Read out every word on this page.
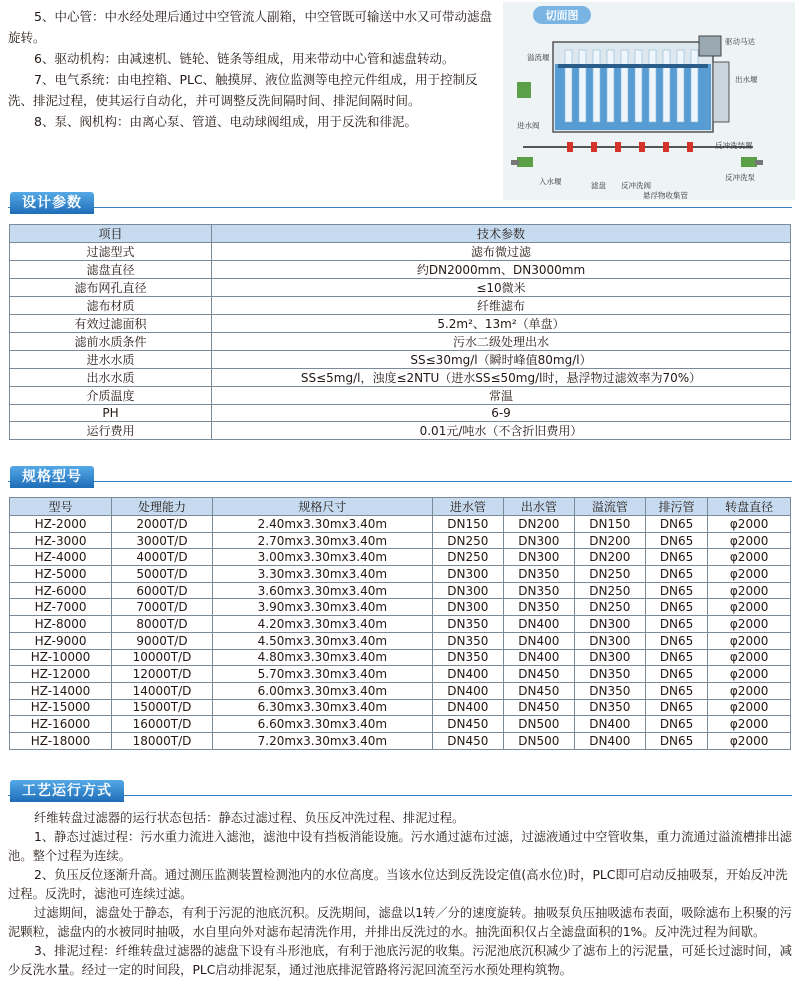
5、中心管：中水经处理后通过中空管流人副箱，中空管既可输送中水又可带动滤盘旋转。

6、驱动机构：由减速机、链轮、链条等组成，用来带动中心管和滤盘转动。

7、电气系统：由电控箱、PLC、触摸屏、液位监测等电控元件组成，用于控制反洗、排泥过程，使其运行自动化，并可调整反洗间隔时间、排泥间隔时间。

8、泵、阀机构：由离心泵、管道、电动球阀组成，用于反洗和徘泥。

切面图
溢流堰
驱动马达
进水阀
出水堰
反冲洗装置
入水堰	滤盘 反冲洗阀
反冲洗泵
悬浮物收集管
设计参数
项目	技术参数
过滤型式	滤布微过滤
滤盘直径	约DN2000mm、DN3000mm
滤布网孔直径	≤10微米
滤布材质	纤维滤布
有效过滤面积	5.2m²、13m²（单盘）
滤前水质条件	污水二级处理出水
进水水质	SS≤30mg/l（瞬时峰值80mg/l）
出水水质	SS≤5mg/l，浊度≤2NTU（进水SS≤50mg/l时，悬浮物过滤效率为70%）
介质温度	常温
PH	6-9
运行费用	0.01元/吨水（不含折旧费用）
规格型号
型号	处理能力	规格尺寸	进水管	出水管	溢流管	排污管	转盘直径
HZ-2000	2000T/D	2.40mx3.30mx3.40m	DN150	DN200	DN150	DN65	φ2000
HZ-3000	3000T/D	2.70mx3.30mx3.40m	DN250	DN300	DN200	DN65	φ2000
HZ-4000	4000T/D	3.00mx3.30mx3.40m	DN250	DN300	DN200	DN65	φ2000
HZ-5000	5000T/D	3.30mx3.30mx3.40m	DN300	DN350	DN250	DN65	φ2000
HZ-6000	6000T/D	3.60mx3.30mx3.40m	DN300	DN350	DN250	DN65	φ2000
HZ-7000	7000T/D	3.90mx3.30mx3.40m	DN300	DN350	DN250	DN65	φ2000
HZ-8000	8000T/D	4.20mx3.30mx3.40m	DN350	DN400	DN300	DN65	φ2000
HZ-9000	9000T/D	4.50mx3.30mx3.40m	DN350	DN400	DN300	DN65	φ2000
HZ-10000	10000T/D	4.80mx3.30mx3.40m	DN350	DN400	DN300	DN65	φ2000
HZ-12000	12000T/D	5.70mx3.30mx3.40m	DN400	DN450	DN350	DN65	φ2000
HZ-14000	14000T/D	6.00mx3.30mx3.40m	DN400	DN450	DN350	DN65	φ2000
HZ-15000	15000T/D	6.30mx3.30mx3.40m	DN400	DN450	DN350	DN65	φ2000
HZ-16000	16000T/D	6.60mx3.30mx3.40m	DN450	DN500	DN400	DN65	φ2000
HZ-18000	18000T/D	7.20mx3.30mx3.40m	DN450	DN500	DN400	DN65	φ2000
工艺运行方式

纤维转盘过滤器的运行状态包括：静态过滤过程、负压反冲洗过程、排泥过程。

1、静态过滤过程：污水重力流进入滤池，滤池中设有挡板消能设施。污水通过滤布过滤，过滤液通过中空管收集，重力流通过溢流槽排出滤池。整个过程为连续。

2、负压反位逐渐升高。通过测压监测装置检测池内的水位高度。当该水位达到反洗设定值(高水位)时，PLC即可启动反抽吸泵，开始反冲洗过程。反洗时，滤池可连续过滤。

过滤期间，滤盘处于静态，有利于污泥的池底沉积。反洗期间，滤盘以1转／分的速度旋转。抽吸泵负压抽吸滤布表面，吸除滤布上积聚的污泥颗粒，滤盘内的水被同时抽吸，水自里向外对滤布起清洗作用，并排出反洗过的水。抽洗面积仅占全滤盘面积的1%。反冲洗过程为间歇。

3、排泥过程：纤维转盘过滤器的滤盘下设有斗形池底，有利于池底污泥的收集。污泥池底沉积减少了滤布上的污泥量，可延长过滤时间，减少反洗水量。经过一定的时间段，PLC启动排泥泵，通过池底排泥管路将污泥回流至污水预处理构筑物。
